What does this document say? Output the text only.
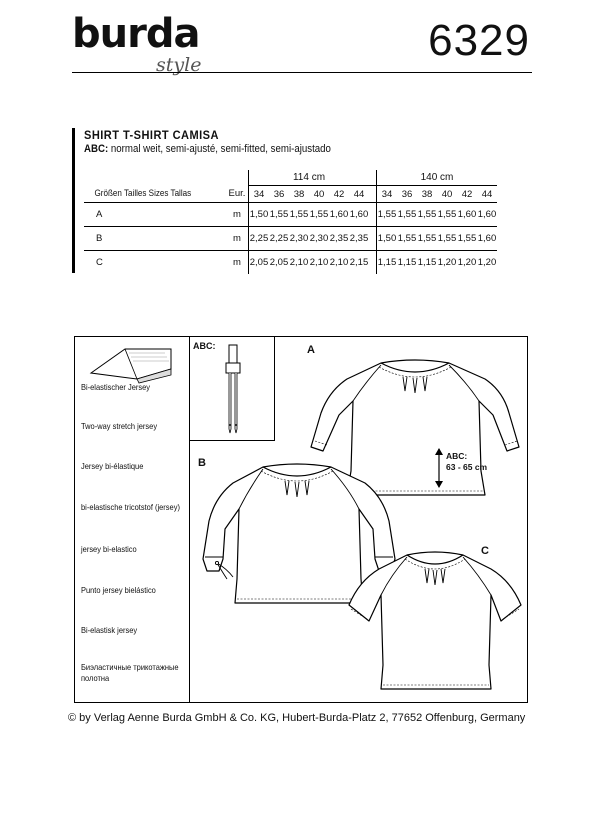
burda
style	6329
SHIRT T-SHIRT CAMISA
ABC: normal weit, semi-ajusté, semi-fitted, semi-ajustado
		114 cm							140 cm					
Größen Tailles Sizes Tallas	Eur.	34	36	38	40	42	44		34	36	38	40	42	44
A	m	1,50	1,55	1,55	1,55	1,60	1,60		1,55	1,55	1,55	1,55	1,60	1,60
B	m	2,25	2,25	2,30	2,30	2,35	2,35		1,50	1,55	1,55	1,55	1,55	1,60
C	m	2,05	2,05	2,10	2,10	2,10	2,15		1,15	1,15	1,15	1,20	1,20	1,20
Bi-elastischer Jersey
Two-way stretch jersey
Jersey bi-élastique
bi-elastische tricotstof (jersey)
jersey bi-elastico
Punto jersey bielástico
Bi-elastisk jersey
Биэластичные трикотажные
полотна
ABC:	A
ABC:
63 - 65 cm
B
C
© by Verlag Aenne Burda GmbH & Co. KG, Hubert-Burda-Platz 2, 77652 Offenburg, Germany
